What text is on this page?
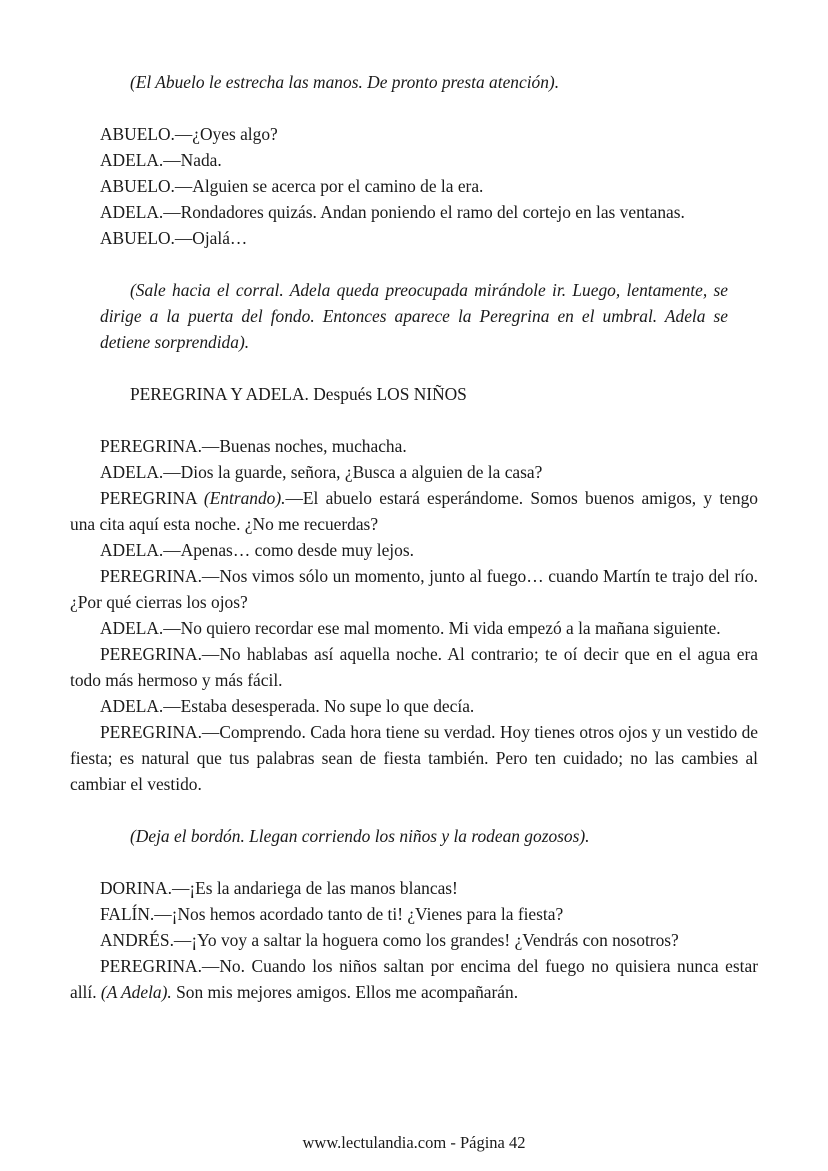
(El Abuelo le estrecha las manos. De pronto presta atención).

ABUELO.—¿Oyes algo?

ADELA.—Nada.

ABUELO.—Alguien se acerca por el camino de la era.

ADELA.—Rondadores quizás. Andan poniendo el ramo del cortejo en las ventanas.

ABUELO.—Ojalá…

(Sale hacia el corral. Adela queda preocupada mirándole ir. Luego, lentamente, se dirige a la puerta del fondo. Entonces aparece la Peregrina en el umbral. Adela se detiene sorprendida).

PEREGRINA Y ADELA. Después LOS NIÑOS

PEREGRINA.—Buenas noches, muchacha.

ADELA.—Dios la guarde, señora, ¿Busca a alguien de la casa?

PEREGRINA (Entrando).—El abuelo estará esperándome. Somos buenos amigos, y tengo una cita aquí esta noche. ¿No me recuerdas?

ADELA.—Apenas… como desde muy lejos.

PEREGRINA.—Nos vimos sólo un momento, junto al fuego… cuando Martín te trajo del río. ¿Por qué cierras los ojos?

ADELA.—No quiero recordar ese mal momento. Mi vida empezó a la mañana siguiente.

PEREGRINA.—No hablabas así aquella noche. Al contrario; te oí decir que en el agua era todo más hermoso y más fácil.

ADELA.—Estaba desesperada. No supe lo que decía.

PEREGRINA.—Comprendo. Cada hora tiene su verdad. Hoy tienes otros ojos y un vestido de fiesta; es natural que tus palabras sean de fiesta también. Pero ten cuidado; no las cambies al cambiar el vestido.

(Deja el bordón. Llegan corriendo los niños y la rodean gozosos).

DORINA.—¡Es la andariega de las manos blancas!

FALÍN.—¡Nos hemos acordado tanto de ti! ¿Vienes para la fiesta?

ANDRÉS.—¡Yo voy a saltar la hoguera como los grandes! ¿Vendrás con nosotros?

PEREGRINA.—No. Cuando los niños saltan por encima del fuego no quisiera nunca estar allí. (A Adela). Son mis mejores amigos. Ellos me acompañarán.

www.lectulandia.com - Página 42
